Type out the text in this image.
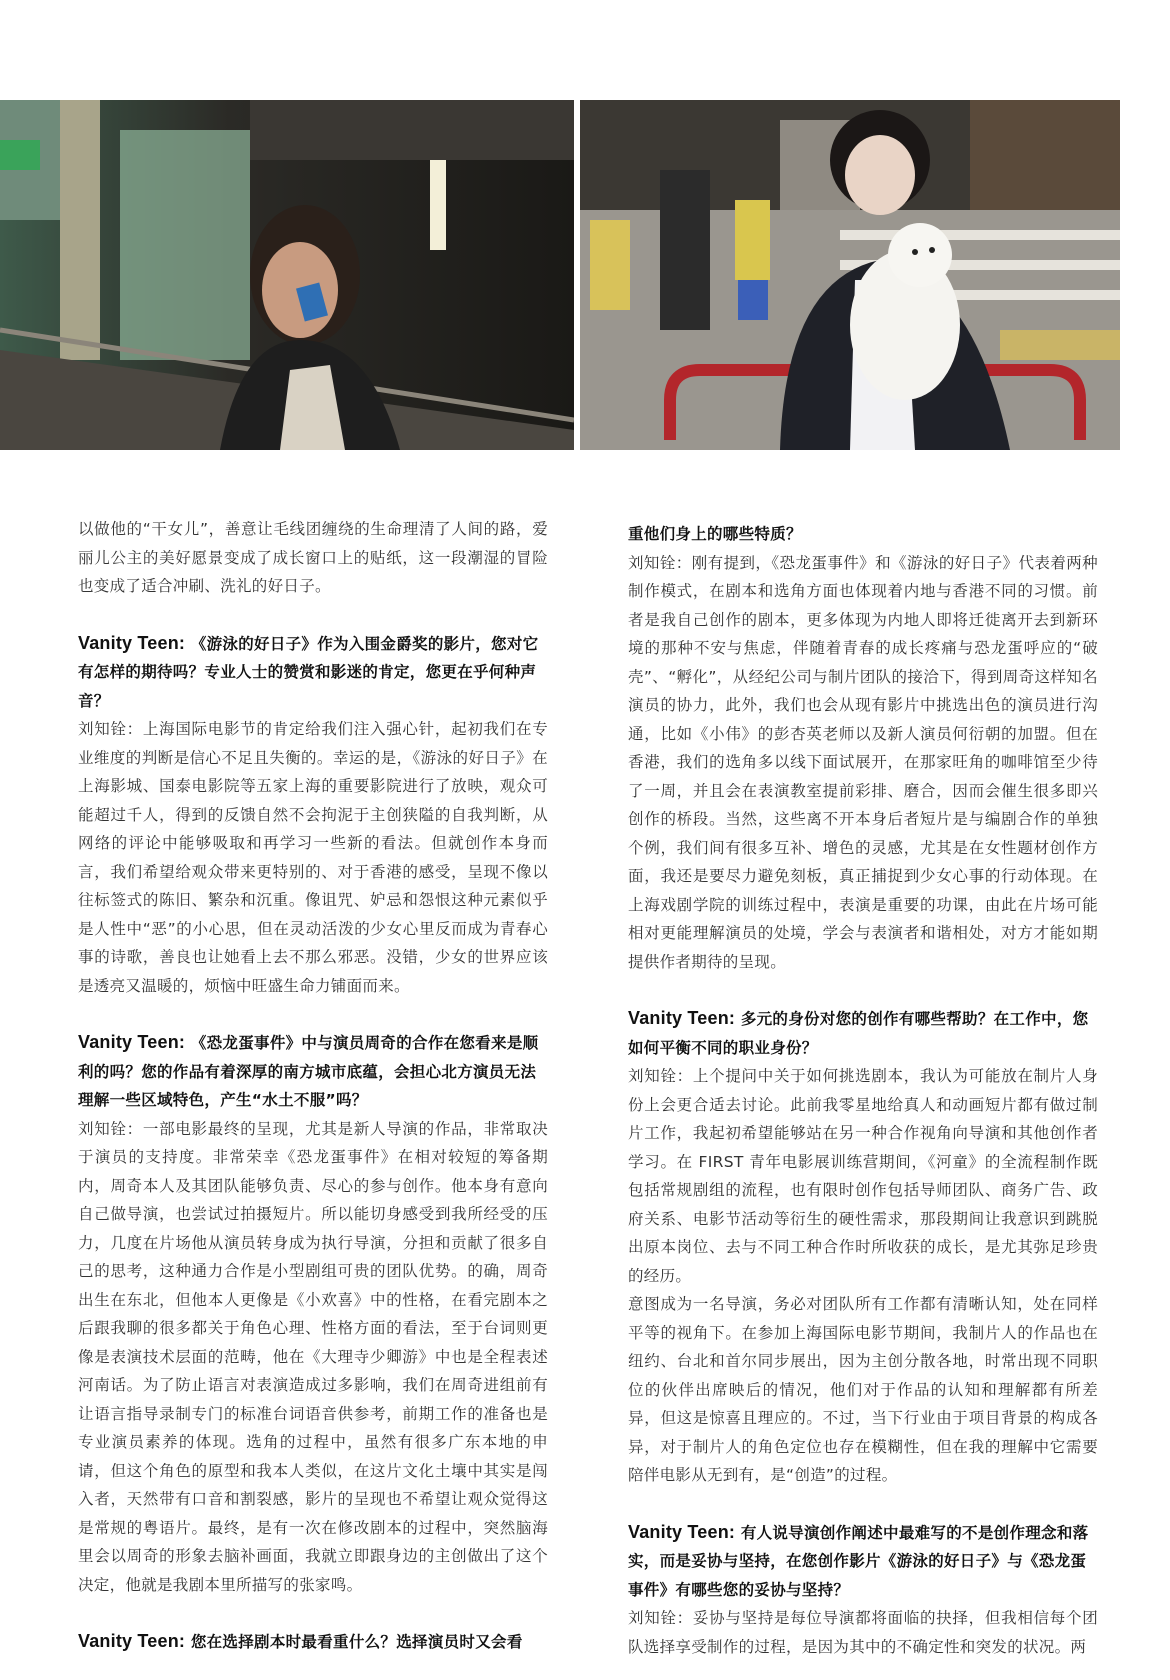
以做他的“干女儿”，善意让毛线团缠绕的生命理清了人间的路，爱丽儿公主的美好愿景变成了成长窗口上的贴纸，这一段潮湿的冒险也变成了适合冲刷、洗礼的好日子。

Vanity Teen: 《游泳的好日子》作为入围金爵奖的影片，您对它有怎样的期待吗？专业人士的赞赏和影迷的肯定，您更在乎何种声音？

刘知铨：上海国际电影节的肯定给我们注入强心针，起初我们在专业维度的判断是信心不足且失衡的。幸运的是，《游泳的好日子》在上海影城、国泰电影院等五家上海的重要影院进行了放映，观众可能超过千人，得到的反馈自然不会拘泥于主创狭隘的自我判断，从网络的评论中能够吸取和再学习一些新的看法。但就创作本身而言，我们希望给观众带来更特别的、对于香港的感受，呈现不像以往标签式的陈旧、繁杂和沉重。像诅咒、妒忌和怨恨这种元素似乎是人性中“恶”的小心思，但在灵动活泼的少女心里反而成为青春心事的诗歌，善良也让她看上去不那么邪恶。没错，少女的世界应该是透亮又温暖的，烦恼中旺盛生命力铺面而来。

Vanity Teen: 《恐龙蛋事件》中与演员周奇的合作在您看来是顺利的吗？您的作品有着深厚的南方城市底蕴，会担心北方演员无法理解一些区域特色，产生“水土不服”吗？

刘知铨：一部电影最终的呈现，尤其是新人导演的作品，非常取决于演员的支持度。非常荣幸《恐龙蛋事件》在相对较短的筹备期内，周奇本人及其团队能够负责、尽心的参与创作。他本身有意向自己做导演，也尝试过拍摄短片。所以能切身感受到我所经受的压力，几度在片场他从演员转身成为执行导演，分担和贡献了很多自己的思考，这种通力合作是小型剧组可贵的团队优势。的确，周奇出生在东北，但他本人更像是《小欢喜》中的性格，在看完剧本之后跟我聊的很多都关于角色心理、性格方面的看法，至于台词则更像是表演技术层面的范畴，他在《大理寺少卿游》中也是全程表述河南话。为了防止语言对表演造成过多影响，我们在周奇进组前有让语言指导录制专门的标准台词语音供参考，前期工作的准备也是专业演员素养的体现。选角的过程中，虽然有很多广东本地的申请，但这个角色的原型和我本人类似，在这片文化土壤中其实是闯入者，天然带有口音和割裂感，影片的呈现也不希望让观众觉得这是常规的粤语片。最终，是有一次在修改剧本的过程中，突然脑海里会以周奇的形象去脑补画面，我就立即跟身边的主创做出了这个决定，他就是我剧本里所描写的张家鸣。

Vanity Teen: 您在选择剧本时最看重什么？选择演员时又会看

重他们身上的哪些特质？

刘知铨：刚有提到，《恐龙蛋事件》和《游泳的好日子》代表着两种制作模式，在剧本和选角方面也体现着内地与香港不同的习惯。前者是我自己创作的剧本，更多体现为内地人即将迁徙离开去到新环境的那种不安与焦虑，伴随着青春的成长疼痛与恐龙蛋呼应的“破壳”、“孵化”，从经纪公司与制片团队的接洽下，得到周奇这样知名演员的协力，此外，我们也会从现有影片中挑选出色的演员进行沟通，比如《小伟》的彭杏英老师以及新人演员何衍朝的加盟。但在香港，我们的选角多以线下面试展开，在那家旺角的咖啡馆至少待了一周，并且会在表演教室提前彩排、磨合，因而会催生很多即兴创作的桥段。当然，这些离不开本身后者短片是与编剧合作的单独个例，我们间有很多互补、增色的灵感，尤其是在女性题材创作方面，我还是要尽力避免刻板，真正捕捉到少女心事的行动体现。在上海戏剧学院的训练过程中，表演是重要的功课，由此在片场可能相对更能理解演员的处境，学会与表演者和谐相处，对方才能如期提供作者期待的呈现。

Vanity Teen: 多元的身份对您的创作有哪些帮助？在工作中，您如何平衡不同的职业身份？

刘知铨：上个提问中关于如何挑选剧本，我认为可能放在制片人身份上会更合适去讨论。此前我零星地给真人和动画短片都有做过制片工作，我起初希望能够站在另一种合作视角向导演和其他创作者学习。在 FIRST 青年电影展训练营期间，《河童》的全流程制作既包括常规剧组的流程，也有限时创作包括导师团队、商务广告、政府关系、电影节活动等衍生的硬性需求，那段期间让我意识到跳脱出原本岗位、去与不同工种合作时所收获的成长，是尤其弥足珍贵的经历。

意图成为一名导演，务必对团队所有工作都有清晰认知，处在同样平等的视角下。在参加上海国际电影节期间，我制片人的作品也在纽约、台北和首尔同步展出，因为主创分散各地，时常出现不同职位的伙伴出席映后的情况，他们对于作品的认知和理解都有所差异，但这是惊喜且理应的。不过，当下行业由于项目背景的构成各异，对于制片人的角色定位也存在模糊性，但在我的理解中它需要陪伴电影从无到有，是“创造”的过程。

Vanity Teen: 有人说导演创作阐述中最难写的不是创作理念和落实，而是妥协与坚持，在您创作影片《游泳的好日子》与《恐龙蛋事件》有哪些您的妥协与坚持？

刘知铨：妥协与坚持是每位导演都将面临的抉择，但我相信每个团队选择享受制作的过程，是因为其中的不确定性和突发的状况。两
